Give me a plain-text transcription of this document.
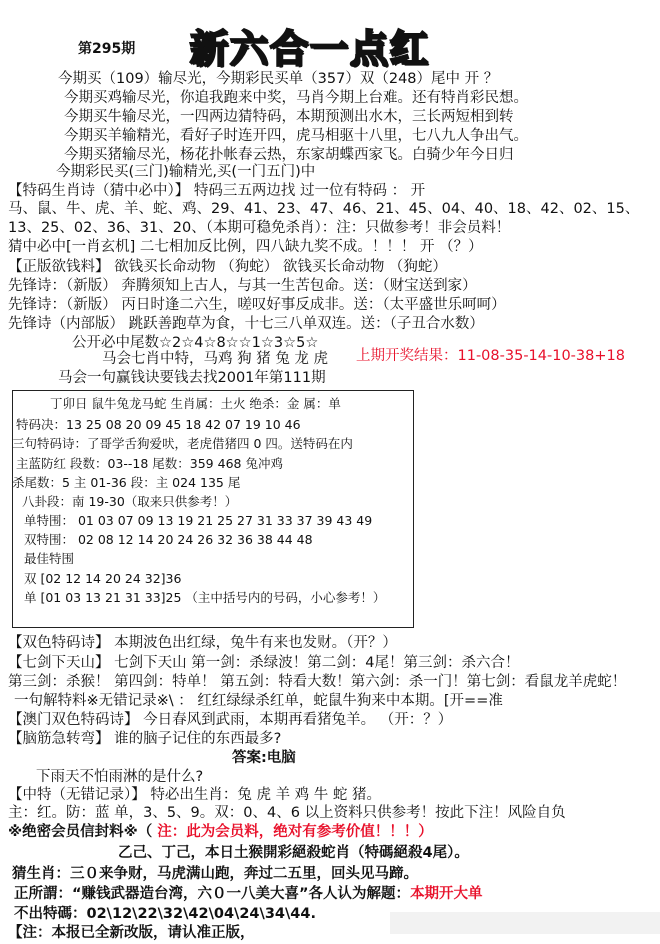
第295期 新六合一点红
今期买（109）输尽光，今期彩民买单（357）双（248）尾中 开 ？
今期买鸡输尽光，你追我跑来中奖，马肖今期上台难。还有特肖彩民想。
今期买牛输尽光，一四两边猜特码，本期预测出水木，三长两短相到转
今期买羊输精光，看好子时连开四，虎马相驱十八里，七八九人争出气。
今期买猪输尽光，杨花扑帐春云热，东家胡蝶西家飞。白骑少年今日归
今期彩民买(三门)输精光,买(一门五门)中
【特码生肖诗（猜中必中）】 特码三五两边找 过一位有特码 ： 开
马、鼠、牛、虎、羊、蛇、鸡、29、41、23、47、46、21、45、04、40、18、42、02、15、
13、25、02、36、31、20、（本期可稳免杀肖）：注：只做参考！非会员料！
猜中必中[一肖玄机] 二七相加反比例，四八缺九奖不成。！！！ 开 （？）
【正版欲钱料】 欲钱买长命动物 （狗蛇） 欲钱买长命动物 （狗蛇）
先锋诗：（新版） 奔腾须知上古人，与其一生苦包命。送：（财宝送到家）
先锋诗：（新版） 丙日时逢二六生，嗟叹好事反成非。送：（太平盛世乐呵呵）
先锋诗（内部版） 跳跃善跑草为食，十七三八单双连。送：（子丑合水数）
公开必中尾数☆2☆4☆8☆☆1☆3☆5☆
马会七肖中特，马鸡 狗 猪 兔 龙 虎
马会一句赢钱诀要钱去找2001年第111期
上期开奖结果：11-08-35-14-10-38+18
丁卯日 鼠牛兔龙马蛇 生肖属：土火 绝杀：金 属：单
特码决：13 25 08 20 09 45 18 42 07 19 10 46
三句特码诗：了哥学舌狗爱吠，老虎借猪四 0 四。送特码在内
主蓝防红 段数：03--18 尾数：359 468 兔冲鸡
杀尾数：5 主 01-36 段：主 024 135 尾
八卦段：南 19-30（取来只供参考！）
单特围： 01 03 07 09 13 19 21 25 27 31 33 37 39 43 49
双特围： 02 08 12 14 20 24 26 32 36 38 44 48
最佳特围
双 [02 12 14 20 24 32]36
单 [01 03 13 21 31 33]25 （主中括号内的号码，小心参考！）
【双色特码诗】 本期波色出红绿，兔牛有来也发财。（开？）
【七剑下天山】 七剑下天山 第一剑：杀绿波！第二剑：4尾！第三剑：杀六合！
第三剑：杀猴！ 第四剑：特单！ 第五剑：特看大数！第六剑：杀一门！第七剑：看鼠龙羊虎蛇！
一句解特料※无错记录※\ ： 红红绿绿杀红单，蛇鼠牛狗来中本期。[开==准
【澳门双色特码诗】 今日春风到武雨，本期再看猪兔羊。 （开：？）
【脑筋急转弯】 谁的脑子记住的东西最多?
答案:电脑
下雨天不怕雨淋的是什么?
【中特（无错记录）】 特必出生肖：兔 虎 羊 鸡 牛 蛇 猪。
主：红。防：蓝 单，3、5、9。双：0、4、6 以上资料只供参考！按此下注！风险自负
※绝密会员信封料※（ 注：此为会员料，绝对有参考价值！！！）
乙己、丁己，本日土猴開彩絕殺蛇肖（特碼絕殺4尾）。
猜生肖：三０来争财，马虎满山跑，奔过二五里，回头见马蹄。
不出特碼：02\12\22\32\42\04\24\34\44.
【注：本报已全新改版，请认准正版，
正所謂：“赚钱武器造台湾，六０一八美大喜”各人认为解题：本期开大单
